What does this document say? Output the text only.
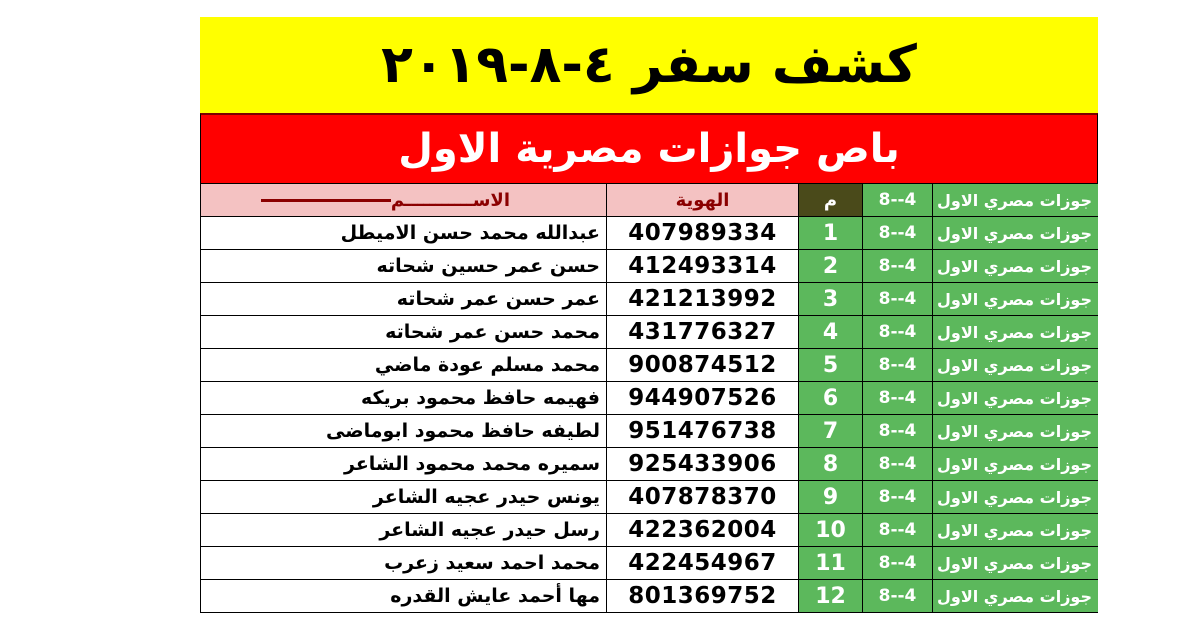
كشف سفر ٤-٨-٢٠١٩
باص جوازات مصرية الاول
الاســـــــــــم	الهوية	م	8--4	جوزات مصري الاول
عبدالله محمد حسن الاميطل	407989334	1	8--4	جوزات مصري الاول
حسن عمر حسين شحاته	412493314	2	8--4	جوزات مصري الاول
عمر حسن عمر شحاته	421213992	3	8--4	جوزات مصري الاول
محمد حسن عمر شحاته	431776327	4	8--4	جوزات مصري الاول
محمد مسلم عودة ماضي	900874512	5	8--4	جوزات مصري الاول
فهيمه حافظ محمود بريكه	944907526	6	8--4	جوزات مصري الاول
لطيفه حافظ محمود ابوماضى	951476738	7	8--4	جوزات مصري الاول
سميره محمد محمود الشاعر	925433906	8	8--4	جوزات مصري الاول
يونس حيدر عجيه الشاعر	407878370	9	8--4	جوزات مصري الاول
رسل حيدر عجيه الشاعر	422362004	10	8--4	جوزات مصري الاول
محمد احمد سعيد زعرب	422454967	11	8--4	جوزات مصري الاول
مها أحمد عايش القدره	801369752	12	8--4	جوزات مصري الاول
